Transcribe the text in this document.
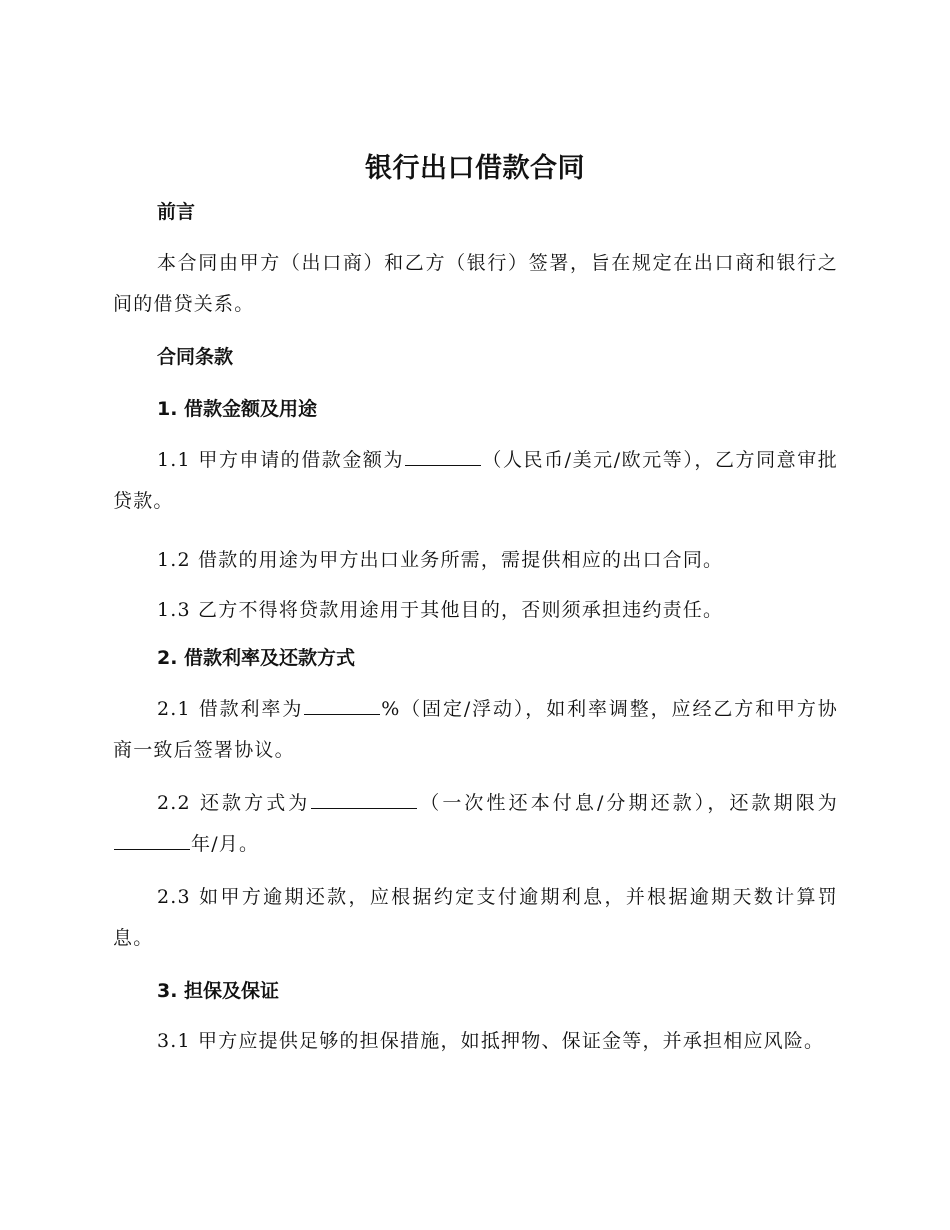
银行出口借款合同
前言
本合同由甲方（出口商）和乙方（银行）签署，旨在规定在出口商和银行之间的借贷关系。
合同条款
1. 借款金额及用途
1.1 甲方申请的借款金额为	（人民币/美元/欧元等），乙方同意审批贷款。
1.2 借款的用途为甲方出口业务所需，需提供相应的出口合同。
1.3 乙方不得将贷款用途用于其他目的，否则须承担违约责任。
2. 借款利率及还款方式
2.1 借款利率为	%（固定/浮动），如利率调整，应经乙方和甲方协商一致后签署协议。
2.2 还款方式为	（一次性还本付息/分期还款），还款期限为年/月。
2.3 如甲方逾期还款，应根据约定支付逾期利息，并根据逾期天数计算罚息。
3. 担保及保证
3.1 甲方应提供足够的担保措施，如抵押物、保证金等，并承担相应风险。
